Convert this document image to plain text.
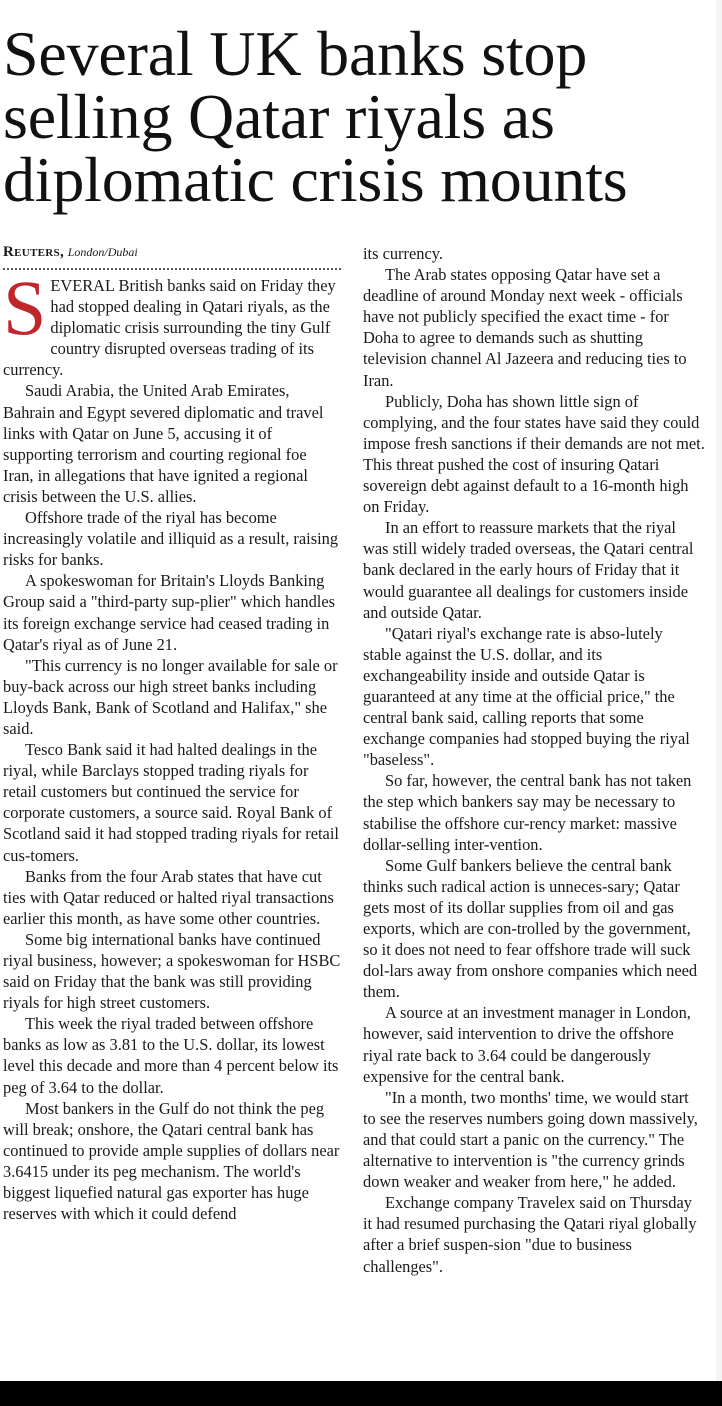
Several UK banks stop selling Qatar riyals as diplomatic crisis mounts
Reuters, London/Dubai

SEVERAL British banks said on Friday they had stopped dealing in Qatari riyals, as the diplomatic crisis surrounding the tiny Gulf country disrupted overseas trading of its currency.

Saudi Arabia, the United Arab Emirates, Bahrain and Egypt severed diplomatic and travel links with Qatar on June 5, accusing it of supporting terrorism and courting regional foe Iran, in allegations that have ignited a regional crisis between the U.S. allies.

Offshore trade of the riyal has become increasingly volatile and illiquid as a result, raising risks for banks.

A spokeswoman for Britain's Lloyds Banking Group said a "third-party sup-plier" which handles its foreign exchange service had ceased trading in Qatar's riyal as of June 21.

"This currency is no longer available for sale or buy-back across our high street banks including Lloyds Bank, Bank of Scotland and Halifax," she said.

Tesco Bank said it had halted dealings in the riyal, while Barclays stopped trading riyals for retail customers but continued the service for corporate customers, a source said. Royal Bank of Scotland said it had stopped trading riyals for retail cus-tomers.

Banks from the four Arab states that have cut ties with Qatar reduced or halted riyal transactions earlier this month, as have some other countries.

Some big international banks have continued riyal business, however; a spokeswoman for HSBC said on Friday that the bank was still providing riyals for high street customers.

This week the riyal traded between offshore banks as low as 3.81 to the U.S. dollar, its lowest level this decade and more than 4 percent below its peg of 3.64 to the dollar.

Most bankers in the Gulf do not think the peg will break; onshore, the Qatari central bank has continued to provide ample supplies of dollars near 3.6415 under its peg mechanism. The world's biggest liquefied natural gas exporter has huge reserves with which it could defend

its currency.

The Arab states opposing Qatar have set a deadline of around Monday next week - officials have not publicly specified the exact time - for Doha to agree to demands such as shutting television channel Al Jazeera and reducing ties to Iran.

Publicly, Doha has shown little sign of complying, and the four states have said they could impose fresh sanctions if their demands are not met. This threat pushed the cost of insuring Qatari sovereign debt against default to a 16-month high on Friday.

In an effort to reassure markets that the riyal was still widely traded overseas, the Qatari central bank declared in the early hours of Friday that it would guarantee all dealings for customers inside and outside Qatar.

"Qatari riyal's exchange rate is abso-lutely stable against the U.S. dollar, and its exchangeability inside and outside Qatar is guaranteed at any time at the official price," the central bank said, calling reports that some exchange companies had stopped buying the riyal "baseless".

So far, however, the central bank has not taken the step which bankers say may be necessary to stabilise the offshore cur-rency market: massive dollar-selling inter-vention.

Some Gulf bankers believe the central bank thinks such radical action is unneces-sary; Qatar gets most of its dollar supplies from oil and gas exports, which are con-trolled by the government, so it does not need to fear offshore trade will suck dol-lars away from onshore companies which need them.

A source at an investment manager in London, however, said intervention to drive the offshore riyal rate back to 3.64 could be dangerously expensive for the central bank.

"In a month, two months' time, we would start to see the reserves numbers going down massively, and that could start a panic on the currency." The alternative to intervention is "the currency grinds down weaker and weaker from here," he added.

Exchange company Travelex said on Thursday it had resumed purchasing the Qatari riyal globally after a brief suspen-sion "due to business challenges".
